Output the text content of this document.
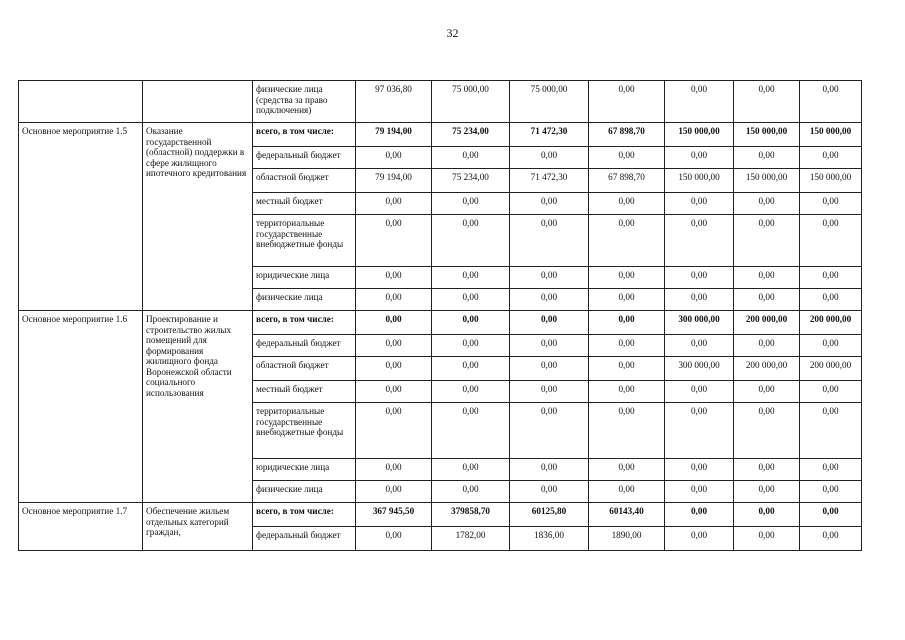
32
		физические лица (средства за право подключения)	97 036,80	75 000,00	75 000,00	0,00	0,00	0,00	0,00
Основное мероприятие 1.5	Оказание государственной (областной) поддержки в сфере жилищного ипотечного кредитования	всего, в том числе:	79 194,00	75 234,00	71 472,30	67 898,70	150 000,00	150 000,00	150 000,00
		федеральный бюджет	0,00	0,00	0,00	0,00	0,00	0,00	0,00
		областной бюджет	79 194,00	75 234,00	71 472,30	67 898,70	150 000,00	150 000,00	150 000,00
		местный бюджет	0,00	0,00	0,00	0,00	0,00	0,00	0,00
		территориальные государственные внебюджетные фонды	0,00	0,00	0,00	0,00	0,00	0,00	0,00
		юридические лица	0,00	0,00	0,00	0,00	0,00	0,00	0,00
		физические лица	0,00	0,00	0,00	0,00	0,00	0,00	0,00
Основное мероприятие 1.6	Проектирование и строительство жилых помещений для формирования жилищного фонда Воронежской области социального использования	всего, в том числе:	0,00	0,00	0,00	0,00	300 000,00	200 000,00	200 000,00
		федеральный бюджет	0,00	0,00	0,00	0,00	0,00	0,00	0,00
		областной бюджет	0,00	0,00	0,00	0,00	300 000,00	200 000,00	200 000,00
		местный бюджет	0,00	0,00	0,00	0,00	0,00	0,00	0,00
		территориальные государственные внебюджетные фонды	0,00	0,00	0,00	0,00	0,00	0,00	0,00
		юридические лица	0,00	0,00	0,00	0,00	0,00	0,00	0,00
		физические лица	0,00	0,00	0,00	0,00	0,00	0,00	0,00
Основное мероприятие 1.7	Обеспечение жильем отдельных категорий граждан,	всего, в том числе:	367 945,50	379858,70	60125,80	60143,40	0,00	0,00	0,00
		федеральный бюджет	0,00	1782,00	1836,00	1890,00	0,00	0,00	0,00
